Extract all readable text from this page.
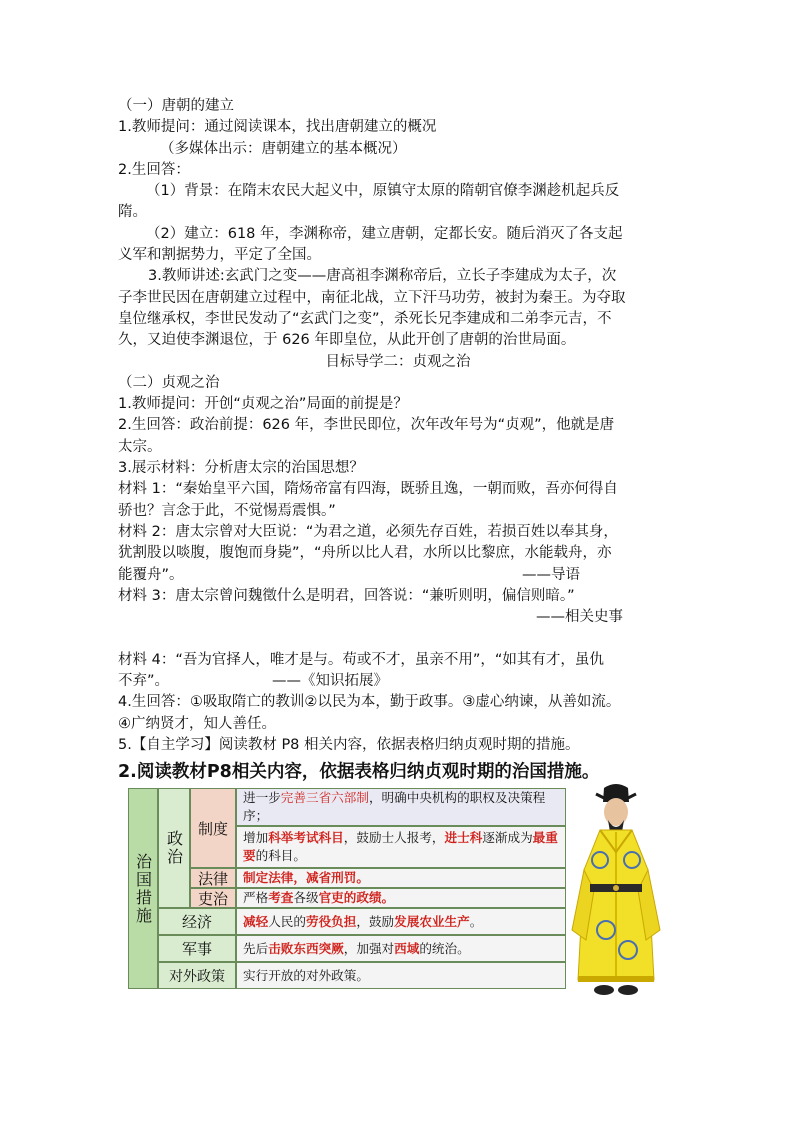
（一）唐朝的建立
1.教师提问：通过阅读课本，找出唐朝建立的概况
（多媒体出示：唐朝建立的基本概况）
2.生回答：
（1）背景：在隋末农民大起义中，原镇守太原的隋朝官僚李渊趁机起兵反
隋。
（2）建立：618 年，李渊称帝，建立唐朝，定都长安。随后消灭了各支起
义军和割据势力，平定了全国。
3.教师讲述:玄武门之变——唐高祖李渊称帝后，立长子李建成为太子，次
子李世民因在唐朝建立过程中，南征北战，立下汗马功劳，被封为秦王。为夺取
皇位继承权，李世民发动了“玄武门之变”，杀死长兄李建成和二弟李元吉，不
久，又迫使李渊退位，于 626 年即皇位，从此开创了唐朝的治世局面。
目标导学二：贞观之治
（二）贞观之治
1.教师提问：开创“贞观之治”局面的前提是？
2.生回答：政治前提：626 年，李世民即位，次年改年号为“贞观”，他就是唐
太宗。
3.展示材料：分析唐太宗的治国思想？
材料 1：“秦始皇平六国，隋炀帝富有四海，既骄且逸，一朝而败，吾亦何得自
骄也？言念于此，不觉惕焉震惧。”
材料 2：唐太宗曾对大臣说：“为君之道，必须先存百姓，若损百姓以奉其身，
犹割股以啖腹，腹饱而身毙”，“舟所以比人君，水所以比黎庶，水能载舟，亦
能覆舟”。	——导语
材料 3：唐太宗曾问魏徵什么是明君，回答说：“兼听则明，偏信则暗。”
——相关史事
材料 4：“吾为官择人，唯才是与。苟或不才，虽亲不用”，“如其有才，虽仇
不弃”。	——《知识拓展》
4.生回答：①吸取隋亡的教训②以民为本，勤于政事。③虚心纳谏，从善如流。
④广纳贤才，知人善任。
5.【自主学习】阅读教材 P8 相关内容，依据表格归纳贞观时期的措施。
2.阅读教材P8相关内容，依据表格归纳贞观时期的治国措施。
治国措施
政治
制度
法律
吏治
经济
军事
对外政策
进一步完善三省六部制，明确中央机构的职权及决策程序；
增加科举考试科目，鼓励士人报考，进士科逐渐成为最重要的科目。
制定法律，减省刑罚。
严格考查各级官吏的政绩。
减轻人民的劳役负担，鼓励发展农业生产。
先后击败东西突厥，加强对西域的统治。
实行开放的对外政策。
